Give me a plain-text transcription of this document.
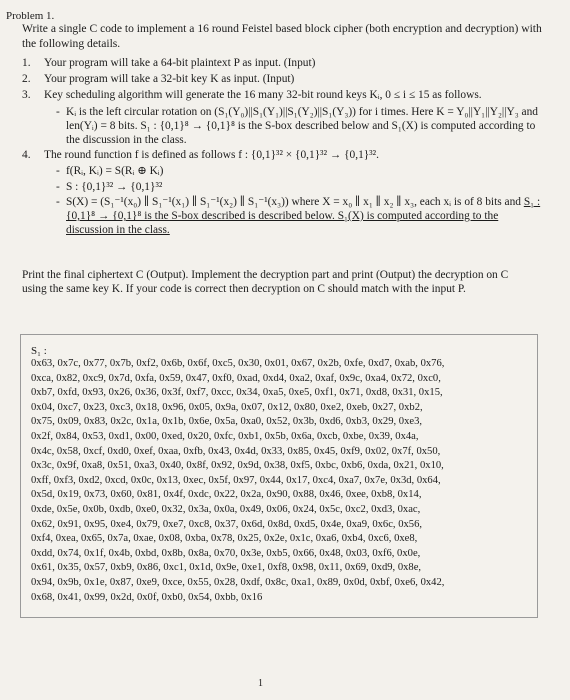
Problem 1.
Write a single C code to implement a 16 round Feistel based block cipher (both encryption and decryption) with the following details.
1. Your program will take a 64-bit plaintext P as input. (Input)
2. Your program will take a 32-bit key K as input. (Input)
3. Key scheduling algorithm will generate the 16 many 32-bit round keys Kᵢ, 0 ≤ i ≤ 15 as follows.
- Kᵢ is the left circular rotation on (S₁(Y₀)||S₁(Y₁)||S₁(Y₂)||S₁(Y₃)) for i times. Here K = Y₀||Y₁||Y₂||Y₃ and len(Yᵢ) = 8 bits. S₁ : {0,1}⁸ → {0,1}⁸ is the S-box described below and S₁(X) is computed according to the discussion in the class.
4. The round function f is defined as follows f : {0,1}³² × {0,1}³² → {0,1}³².
- f(Rᵢ, Kᵢ) = S(Rᵢ ⊕ Kᵢ)
- S : {0,1}³² → {0,1}³²
- S(X) = (S₁⁻¹(x₀) ∥ S₁⁻¹(x₁) ∥ S₁⁻¹(x₂) ∥ S₁⁻¹(x₃)) where X = x₀ ∥ x₁ ∥ x₂ ∥ x₃, each xᵢ is of 8 bits and S₁ : {0,1}⁸ → {0,1}⁸ is the S-box described is described below. S₁(X) is computed according to the discussion in the class.
Print the final ciphertext C (Output). Implement the decryption part and print (Output) the decryption on C using the same key K. If your code is correct then decryption on C should match with the input P.
S₁ :
0x63, 0x7c, 0x77, 0x7b, 0xf2, 0x6b, 0x6f, 0xc5, 0x30, 0x01, 0x67, 0x2b, 0xfe, 0xd7, 0xab, 0x76,
0xca, 0x82, 0xc9, 0x7d, 0xfa, 0x59, 0x47, 0xf0, 0xad, 0xd4, 0xa2, 0xaf, 0x9c, 0xa4, 0x72, 0xc0,
0xb7, 0xfd, 0x93, 0x26, 0x36, 0x3f, 0xf7, 0xcc, 0x34, 0xa5, 0xe5, 0xf1, 0x71, 0xd8, 0x31, 0x15,
0x04, 0xc7, 0x23, 0xc3, 0x18, 0x96, 0x05, 0x9a, 0x07, 0x12, 0x80, 0xe2, 0xeb, 0x27, 0xb2,
0x75, 0x09, 0x83, 0x2c, 0x1a, 0x1b, 0x6e, 0x5a, 0xa0, 0x52, 0x3b, 0xd6, 0xb3, 0x29, 0xe3,
0x2f, 0x84, 0x53, 0xd1, 0x00, 0xed, 0x20, 0xfc, 0xb1, 0x5b, 0x6a, 0xcb, 0xbe, 0x39, 0x4a,
0x4c, 0x58, 0xcf, 0xd0, 0xef, 0xaa, 0xfb, 0x43, 0x4d, 0x33, 0x85, 0x45, 0xf9, 0x02, 0x7f, 0x50,
0x3c, 0x9f, 0xa8, 0x51, 0xa3, 0x40, 0x8f, 0x92, 0x9d, 0x38, 0xf5, 0xbc, 0xb6, 0xda, 0x21, 0x10,
0xff, 0xf3, 0xd2, 0xcd, 0x0c, 0x13, 0xec, 0x5f, 0x97, 0x44, 0x17, 0xc4, 0xa7, 0x7e, 0x3d, 0x64,
0x5d, 0x19, 0x73, 0x60, 0x81, 0x4f, 0xdc, 0x22, 0x2a, 0x90, 0x88, 0x46, 0xee, 0xb8, 0x14,
0xde, 0x5e, 0x0b, 0xdb, 0xe0, 0x32, 0x3a, 0x0a, 0x49, 0x06, 0x24, 0x5c, 0xc2, 0xd3, 0xac,
0x62, 0x91, 0x95, 0xe4, 0x79, 0xe7, 0xc8, 0x37, 0x6d, 0x8d, 0xd5, 0x4e, 0xa9, 0x6c, 0x56,
0xf4, 0xea, 0x65, 0x7a, 0xae, 0x08, 0xba, 0x78, 0x25, 0x2e, 0x1c, 0xa6, 0xb4, 0xc6, 0xe8,
0xdd, 0x74, 0x1f, 0x4b, 0xbd, 0x8b, 0x8a, 0x70, 0x3e, 0xb5, 0x66, 0x48, 0x03, 0xf6, 0x0e,
0x61, 0x35, 0x57, 0xb9, 0x86, 0xc1, 0x1d, 0x9e, 0xe1, 0xf8, 0x98, 0x11, 0x69, 0xd9, 0x8e,
0x94, 0x9b, 0x1e, 0x87, 0xe9, 0xce, 0x55, 0x28, 0xdf, 0x8c, 0xa1, 0x89, 0x0d, 0xbf, 0xe6, 0x42,
0x68, 0x41, 0x99, 0x2d, 0x0f, 0xb0, 0x54, 0xbb, 0x16
1
